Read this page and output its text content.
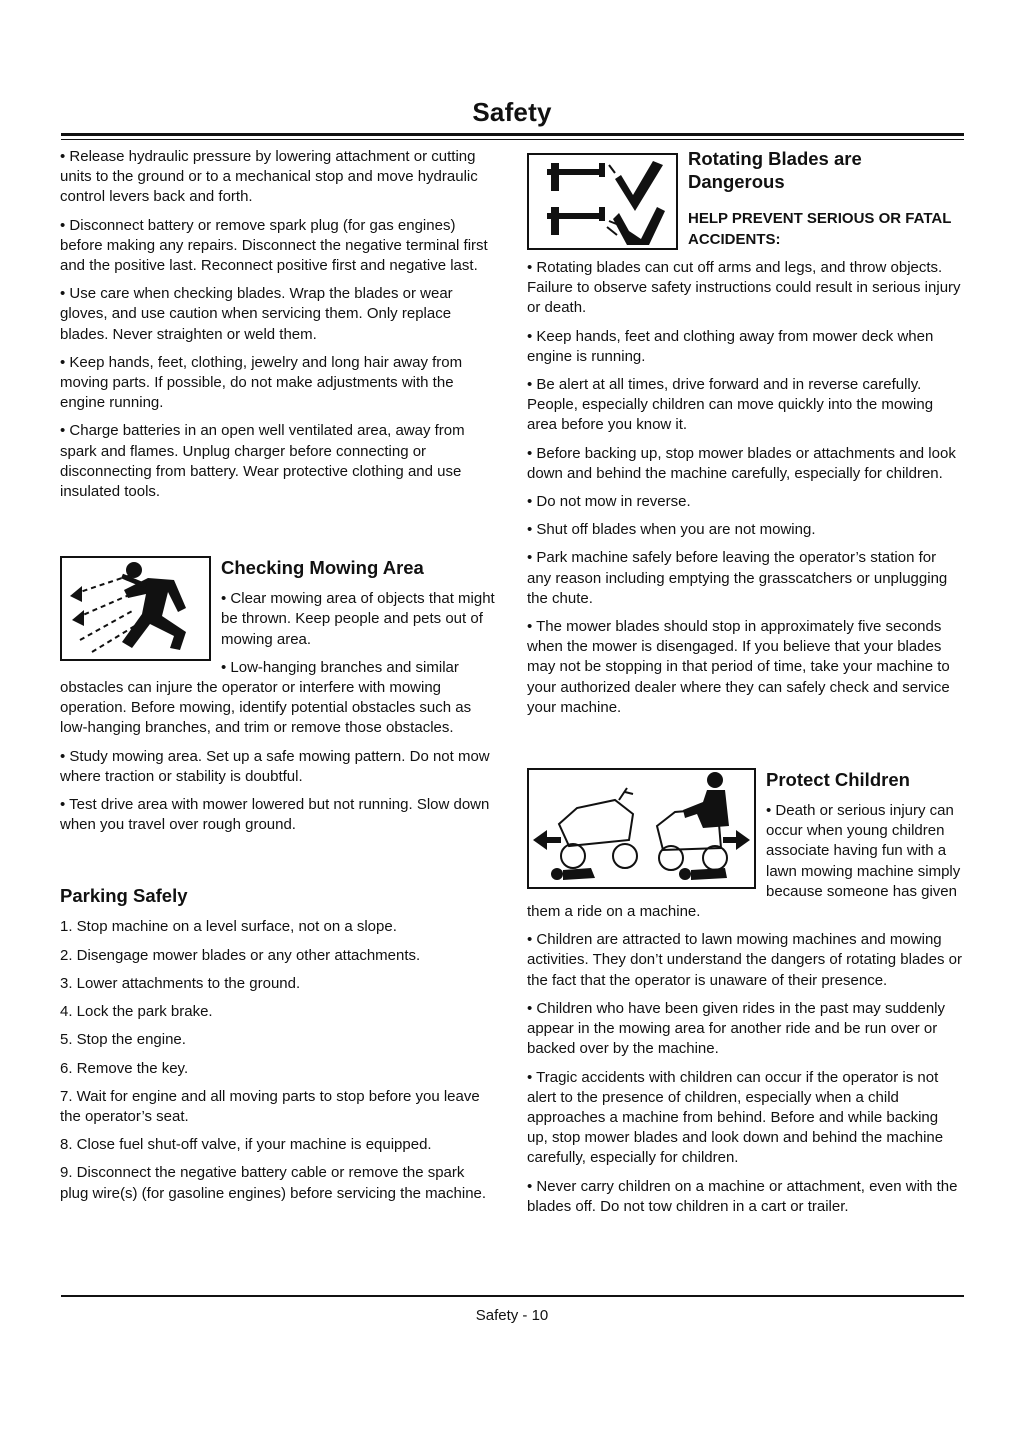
Safety

• Release hydraulic pressure by lowering attachment or cutting units to the ground or to a mechanical stop and move hydraulic control levers back and forth.

• Disconnect battery or remove spark plug (for gas engines) before making any repairs. Disconnect the negative terminal first and the positive last. Reconnect positive first and negative last.

• Use care when checking blades. Wrap the blades or wear gloves, and use caution when servicing them. Only replace blades. Never straighten or weld them.

• Keep hands, feet, clothing, jewelry and long hair away from moving parts. If possible, do not make adjustments with the engine running.

• Charge batteries in an open well ventilated area, away from spark and flames. Unplug charger before connecting or disconnecting from battery. Wear protective clothing and use insulated tools.

Checking Mowing Area

• Clear mowing area of objects that might be thrown. Keep people and pets out of mowing area.

• Low-hanging branches and similar obstacles can injure the operator or interfere with mowing operation. Before mowing, identify potential obstacles such as low-hanging branches, and trim or remove those obstacles.

• Study mowing area. Set up a safe mowing pattern. Do not mow where traction or stability is doubtful.

• Test drive area with mower lowered but not running. Slow down when you travel over rough ground.

Parking Safely

1. Stop machine on a level surface, not on a slope.

2. Disengage mower blades or any other attachments.

3. Lower attachments to the ground.

4. Lock the park brake.

5. Stop the engine.

6. Remove the key.

7. Wait for engine and all moving parts to stop before you leave the operator’s seat.

8. Close fuel shut-off valve, if your machine is equipped.

9. Disconnect the negative battery cable or remove the spark plug wire(s) (for gasoline engines) before servicing the machine.

Rotating Blades are Dangerous
HELP PREVENT SERIOUS OR FATAL ACCIDENTS:

• Rotating blades can cut off arms and legs, and throw objects. Failure to observe safety instructions could result in serious injury or death.

• Keep hands, feet and clothing away from mower deck when engine is running.

• Be alert at all times, drive forward and in reverse carefully. People, especially children can move quickly into the mowing area before you know it.

• Before backing up, stop mower blades or attachments and look down and behind the machine carefully, especially for children.

• Do not mow in reverse.

• Shut off blades when you are not mowing.

• Park machine safely before leaving the operator’s station for any reason including emptying the grasscatchers or unplugging the chute.

• The mower blades should stop in approximately five seconds when the mower is disengaged. If you believe that your blades may not be stopping in that period of time, take your machine to your authorized dealer where they can safely check and service your machine.

Protect Children

• Death or serious injury can occur when young children associate having fun with a lawn mowing machine simply because someone has given them a ride on a machine.

• Children are attracted to lawn mowing machines and mowing activities. They don’t understand the dangers of rotating blades or the fact that the operator is unaware of their presence.

• Children who have been given rides in the past may suddenly appear in the mowing area for another ride and be run over or backed over by the machine.

• Tragic accidents with children can occur if the operator is not alert to the presence of children, especially when a child approaches a machine from behind. Before and while backing up, stop mower blades and look down and behind the machine carefully, especially for children.

• Never carry children on a machine or attachment, even with the blades off. Do not tow children in a cart or trailer.

Safety - 10
